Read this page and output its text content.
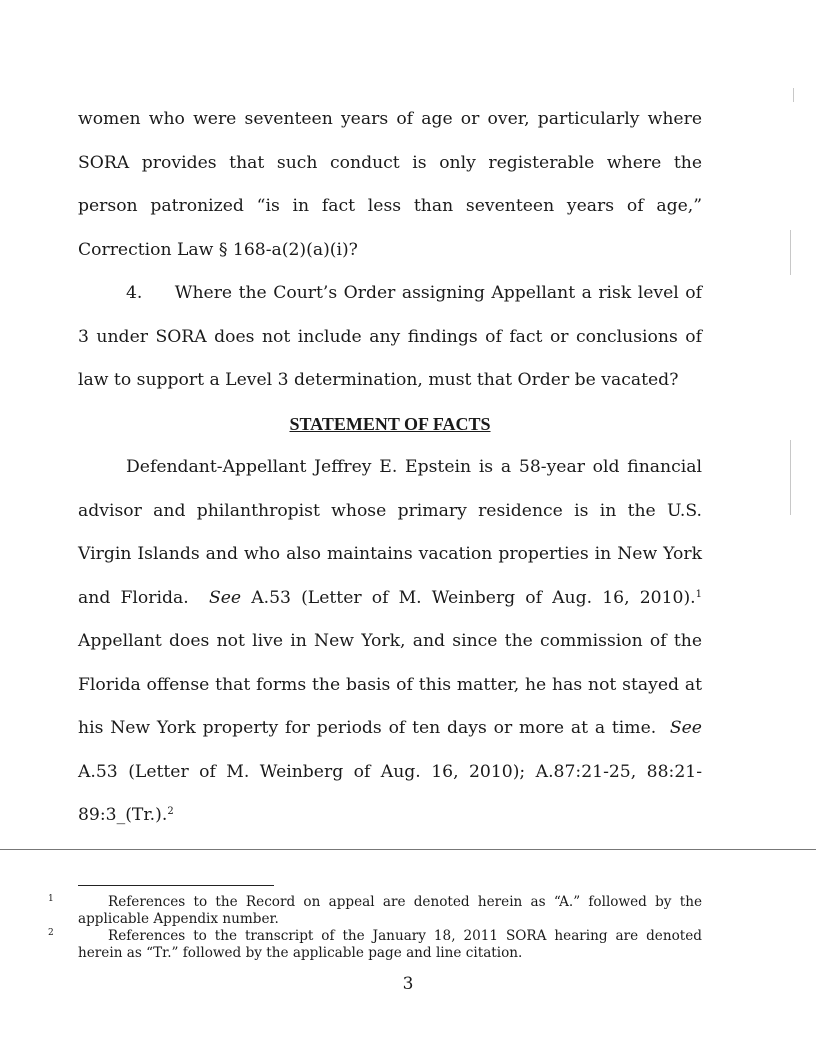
women who were seventeen years of age or over, particularly where SORA provides that such conduct is only registerable where the person patronized “is in fact less than seventeen years of age,” Correction Law § 168-a(2)(a)(i)?

4. Where the Court’s Order assigning Appellant a risk level of 3 under SORA does not include any findings of fact or conclusions of law to support a Level 3 determination, must that Order be vacated?

STATEMENT OF FACTS

Defendant-Appellant Jeffrey E. Epstein is a 58-year old financial advisor and philanthropist whose primary residence is in the U.S. Virgin Islands and who also maintains vacation properties in New York and Florida. See A.53 (Letter of M. Weinberg of Aug. 16, 2010).$^1$ Appellant does not live in New York, and since the commission of the Florida offense that forms the basis of this matter, he has not stayed at his New York property for periods of ten days or more at a time. See A.53 (Letter of M. Weinberg of Aug. 16, 2010); A.87:21-25, 88:21-89:3_(Tr.).$^2$

1	References to the Record on appeal are denoted herein as “A.” followed by the applicable Appendix number.

2	References to the transcript of the January 18, 2011 SORA hearing are denoted herein as “Tr.” followed by the applicable page and line citation.

3
